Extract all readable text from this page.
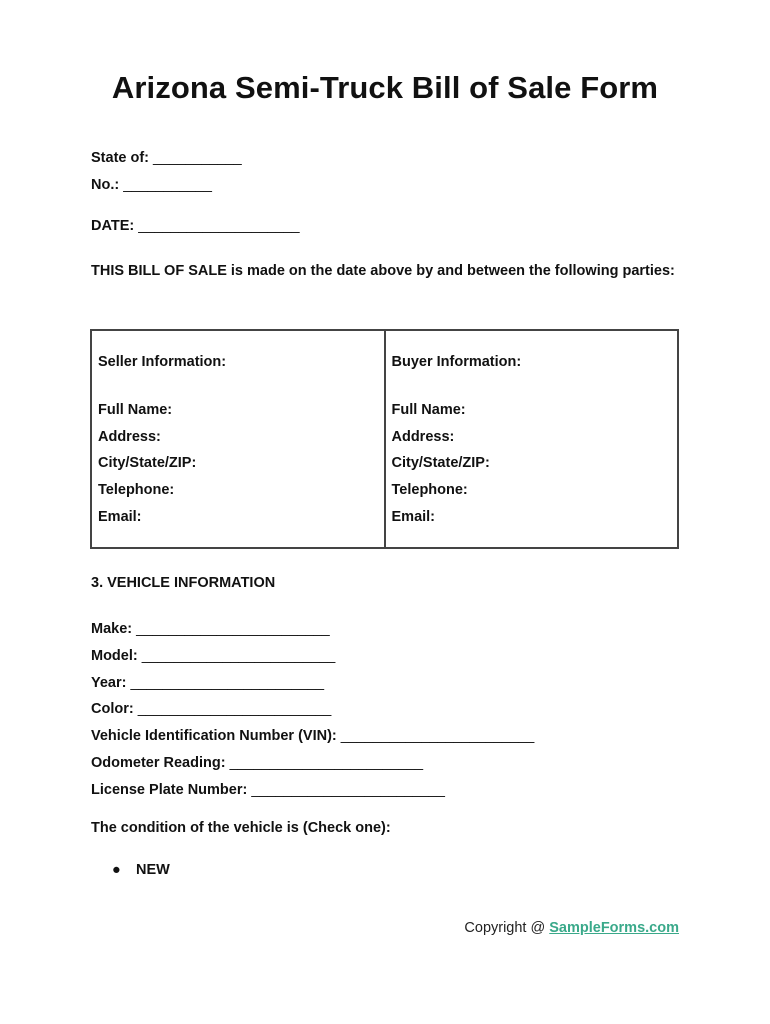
Arizona Semi-Truck Bill of Sale Form
State of: ___________
No.: ___________
DATE: ____________________
THIS BILL OF SALE is made on the date above by and between the following parties:
Seller Information:
Full Name:
Address:
City/State/ZIP:
Telephone:
Email:
Buyer Information:
Full Name:
Address:
City/State/ZIP:
Telephone:
Email:
3. VEHICLE INFORMATION
Make: ________________________
Model: ________________________
Year: ________________________
Color: ________________________
Vehicle Identification Number (VIN): ________________________
Odometer Reading: ________________________
License Plate Number: ________________________
The condition of the vehicle is (Check one):
● NEW
Copyright @ SampleForms.com
